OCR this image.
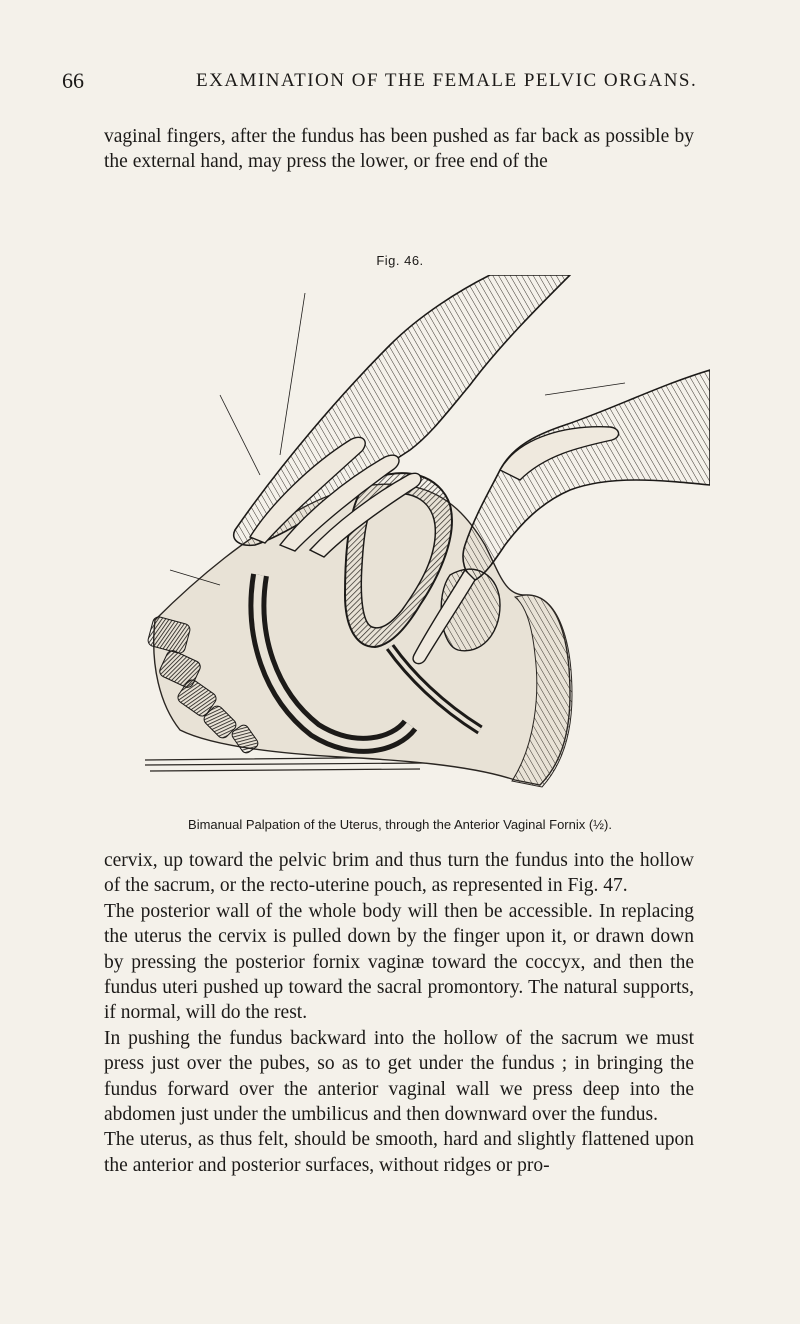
66	EXAMINATION OF THE FEMALE PELVIC ORGANS.
vaginal fingers, after the fundus has been pushed as far back as possible by the external hand, may press the lower, or free end of the
Fig. 46.
Bimanual Palpation of the Uterus, through the Anterior Vaginal Fornix (½).

cervix, up toward the pelvic brim and thus turn the fundus into the hollow of the sacrum, or the recto-uterine pouch, as represented in Fig. 47.

The posterior wall of the whole body will then be accessible. In replacing the uterus the cervix is pulled down by the finger upon it, or drawn down by pressing the posterior fornix vaginæ toward the coccyx, and then the fundus uteri pushed up toward the sacral promontory. The natural supports, if normal, will do the rest.

In pushing the fundus backward into the hollow of the sacrum we must press just over the pubes, so as to get under the fundus ; in bringing the fundus forward over the anterior vaginal wall we press deep into the abdomen just under the umbilicus and then downward over the fundus.

The uterus, as thus felt, should be smooth, hard and slightly flattened upon the anterior and posterior surfaces, without ridges or pro-
